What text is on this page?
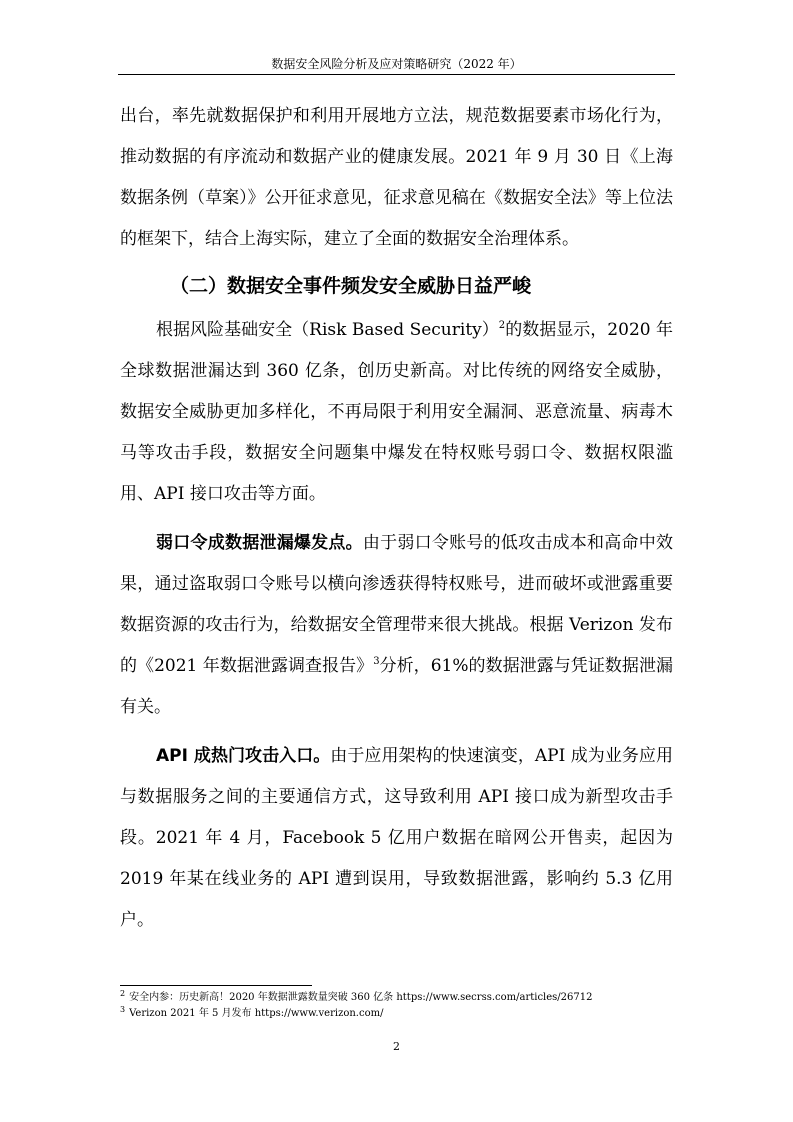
数据安全风险分析及应对策略研究（2022 年）

出台，率先就数据保护和利用开展地方立法，规范数据要素市场化行为，推动数据的有序流动和数据产业的健康发展。2021 年 9 月 30 日《上海数据条例（草案）》公开征求意见，征求意见稿在《数据安全法》等上位法的框架下，结合上海实际，建立了全面的数据安全治理体系。

（二）数据安全事件频发安全威胁日益严峻

根据风险基础安全（Risk Based Security）$^2$的数据显示，2020 年全球数据泄漏达到 360 亿条，创历史新高。对比传统的网络安全威胁，数据安全威胁更加多样化，不再局限于利用安全漏洞、恶意流量、病毒木马等攻击手段，数据安全问题集中爆发在特权账号弱口令、数据权限滥用、API 接口攻击等方面。

弱口令成数据泄漏爆发点。由于弱口令账号的低攻击成本和高命中效果，通过盗取弱口令账号以横向渗透获得特权账号，进而破坏或泄露重要数据资源的攻击行为，给数据安全管理带来很大挑战。根据 Verizon 发布的《2021 年数据泄露调查报告》$^3$分析，61%的数据泄露与凭证数据泄漏有关。

API 成热门攻击入口。由于应用架构的快速演变，API 成为业务应用与数据服务之间的主要通信方式，这导致利用 API 接口成为新型攻击手段。2021 年 4 月，Facebook 5 亿用户数据在暗网公开售卖，起因为 2019 年某在线业务的 API 遭到误用，导致数据泄露，影响约 5.3 亿用户。

$^2$ 安全内参：历史新高！2020 年数据泄露数量突破 360 亿条 https://www.secrss.com/articles/26712
$^3$ Verizon 2021 年 5 月发布 https://www.verizon.com/
2
